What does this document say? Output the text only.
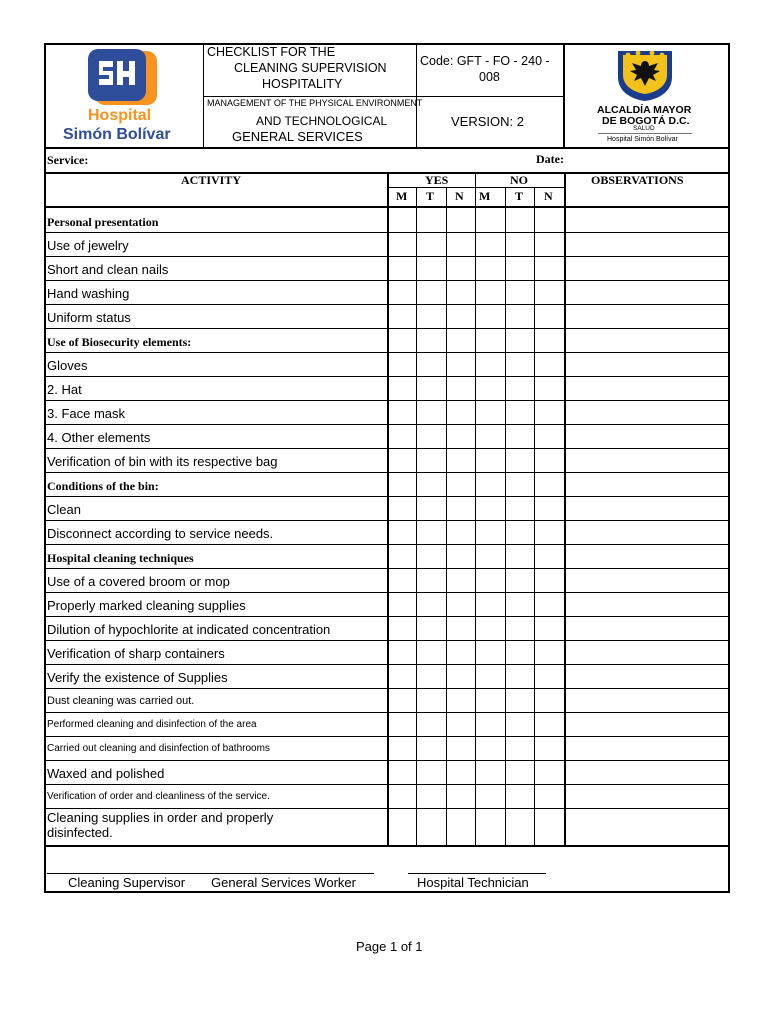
Hospital
Simón Bolívar
CHECKLIST FOR THE
CLEANING SUPERVISION
HOSPITALITY
MANAGEMENT OF THE PHYSICAL ENVIRONMENT
AND TECHNOLOGICAL
GENERAL SERVICES
Code: GFT - FO - 240 -
008
VERSION: 2
ALCALDÍA MAYOR
DE BOGOTÁ D.C.
SALUD
Hospital Simón Bolívar
Service:	Date:
ACTIVITY	YES	NO	OBSERVATIONS
M T N M T N
Personal presentation
Use of jewelry
Short and clean nails
Hand washing
Uniform status
Use of Biosecurity elements:
Gloves
2. Hat
3. Face mask
4. Other elements
Verification of bin with its respective bag
Conditions of the bin:
Clean
Disconnect according to service needs.
Hospital cleaning techniques
Use of a covered broom or mop
Properly marked cleaning supplies
Dilution of hypochlorite at indicated concentration
Verification of sharp containers
Verify the existence of Supplies
Dust cleaning was carried out.
Performed cleaning and disinfection of the area
Carried out cleaning and disinfection of bathrooms
Waxed and polished
Verification of order and cleanliness of the service.
Cleaning supplies in order and properly
disinfected.
Cleaning Supervisor General Services Worker	Hospital Technician
Page 1 of 1
